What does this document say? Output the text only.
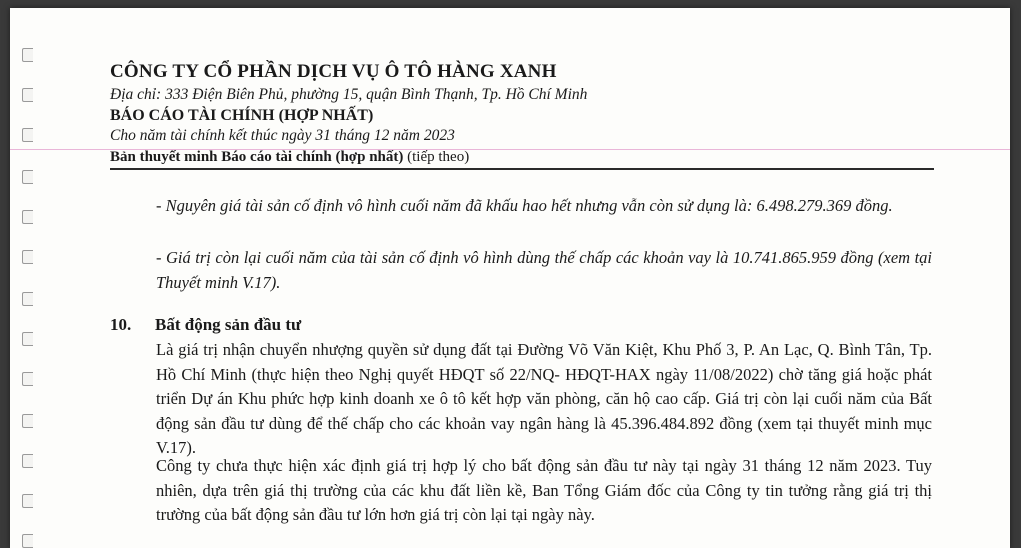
CÔNG TY CỔ PHẦN DỊCH VỤ Ô TÔ HÀNG XANH
Địa chỉ: 333 Điện Biên Phủ, phường 15, quận Bình Thạnh, Tp. Hồ Chí Minh
BÁO CÁO TÀI CHÍNH (HỢP NHẤT)
Cho năm tài chính kết thúc ngày 31 tháng 12 năm 2023
Bản thuyết minh Báo cáo tài chính (hợp nhất) (tiếp theo)
- Nguyên giá tài sản cố định vô hình cuối năm đã khấu hao hết nhưng vẫn còn sử dụng là: 6.498.279.369 đồng.
- Giá trị còn lại cuối năm của tài sản cố định vô hình dùng thế chấp các khoản vay là 10.741.865.959 đồng (xem tại Thuyết minh V.17).
10. Bất động sản đầu tư
Là giá trị nhận chuyển nhượng quyền sử dụng đất tại Đường Võ Văn Kiệt, Khu Phố 3, P. An Lạc, Q. Bình Tân, Tp. Hồ Chí Minh (thực hiện theo Nghị quyết HĐQT số 22/NQ- HĐQT-HAX ngày 11/08/2022) chờ tăng giá hoặc phát triển Dự án Khu phức hợp kinh doanh xe ô tô kết hợp văn phòng, căn hộ cao cấp. Giá trị còn lại cuối năm của Bất động sản đầu tư dùng để thế chấp cho các khoản vay ngân hàng là 45.396.484.892 đồng (xem tại thuyết minh mục V.17).
Công ty chưa thực hiện xác định giá trị hợp lý cho bất động sản đầu tư này tại ngày 31 tháng 12 năm 2023. Tuy nhiên, dựa trên giá thị trường của các khu đất liền kề, Ban Tổng Giám đốc của Công ty tin tưởng rằng giá trị thị trường của bất động sản đầu tư lớn hơn giá trị còn lại tại ngày này.
